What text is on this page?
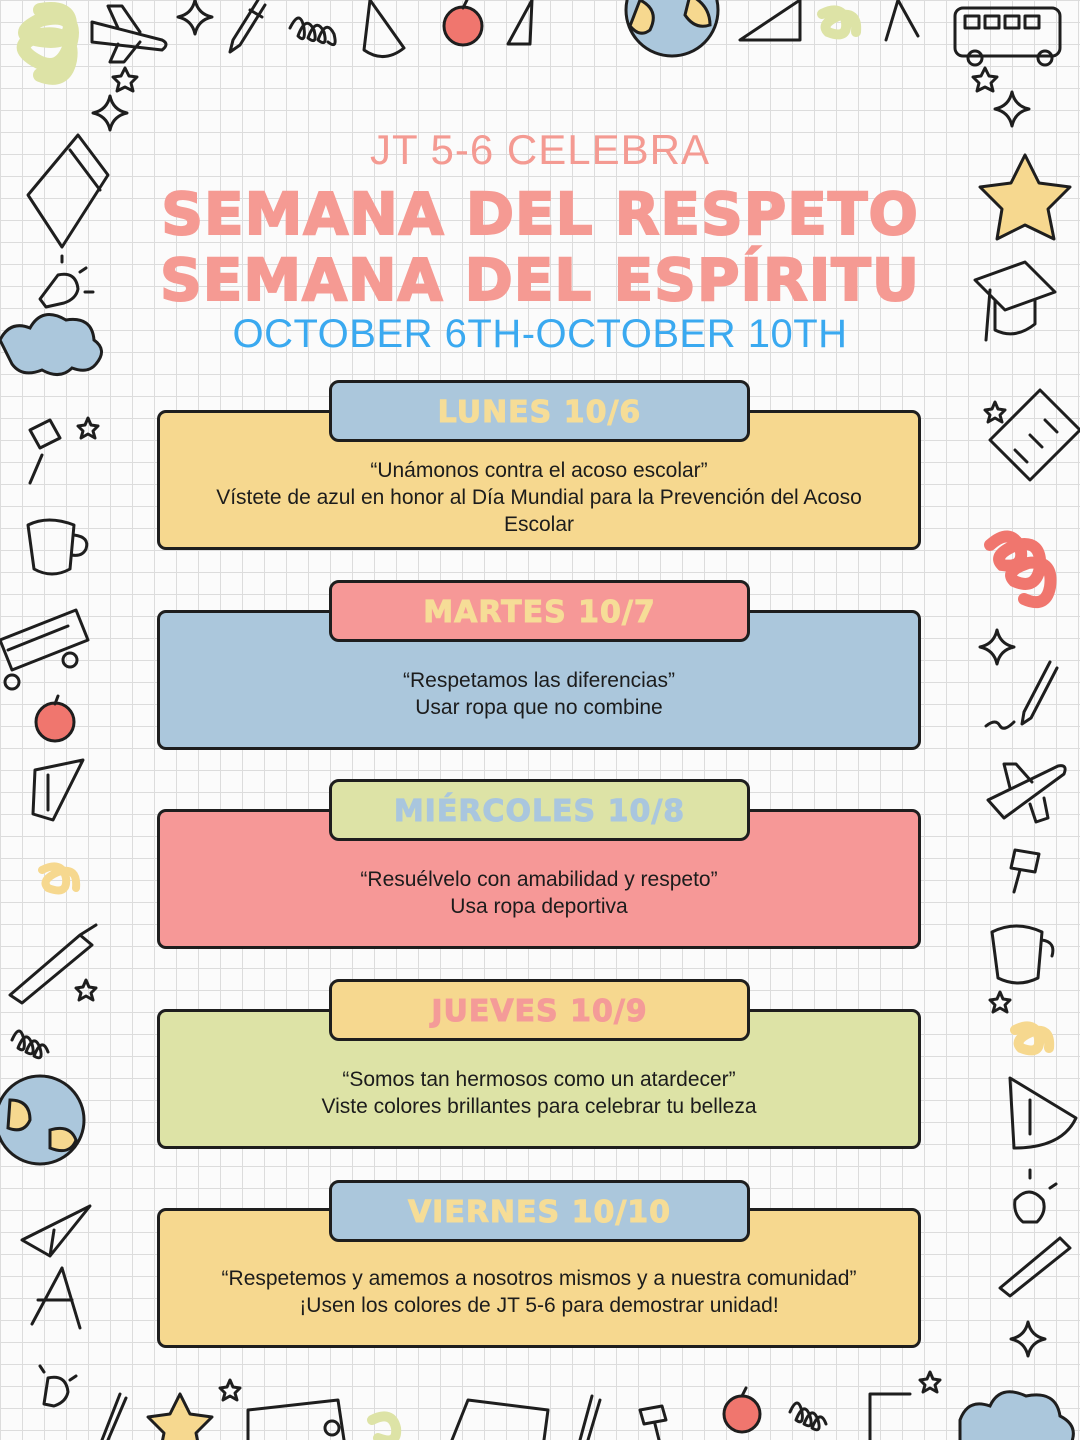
JT 5-6 CELEBRA
SEMANA DEL RESPETO
SEMANA DEL ESPÍRITU
OCTOBER 6TH-OCTOBER 10TH
“Unámonos contra el acoso escolar”
Vístete de azul en honor al Día Mundial para la Prevención del Acoso Escolar
LUNES 10/6
“Respetamos las diferencias”
Usar ropa que no combine
MARTES 10/7
“Resuélvelo con amabilidad y respeto”
Usa ropa deportiva
MIÉRCOLES 10/8
“Somos tan hermosos como un atardecer”
Viste colores brillantes para celebrar tu belleza
JUEVES 10/9
“Respetemos y amemos a nosotros mismos y a nuestra comunidad”
¡Usen los colores de JT 5-6 para demostrar unidad!
VIERNES 10/10
